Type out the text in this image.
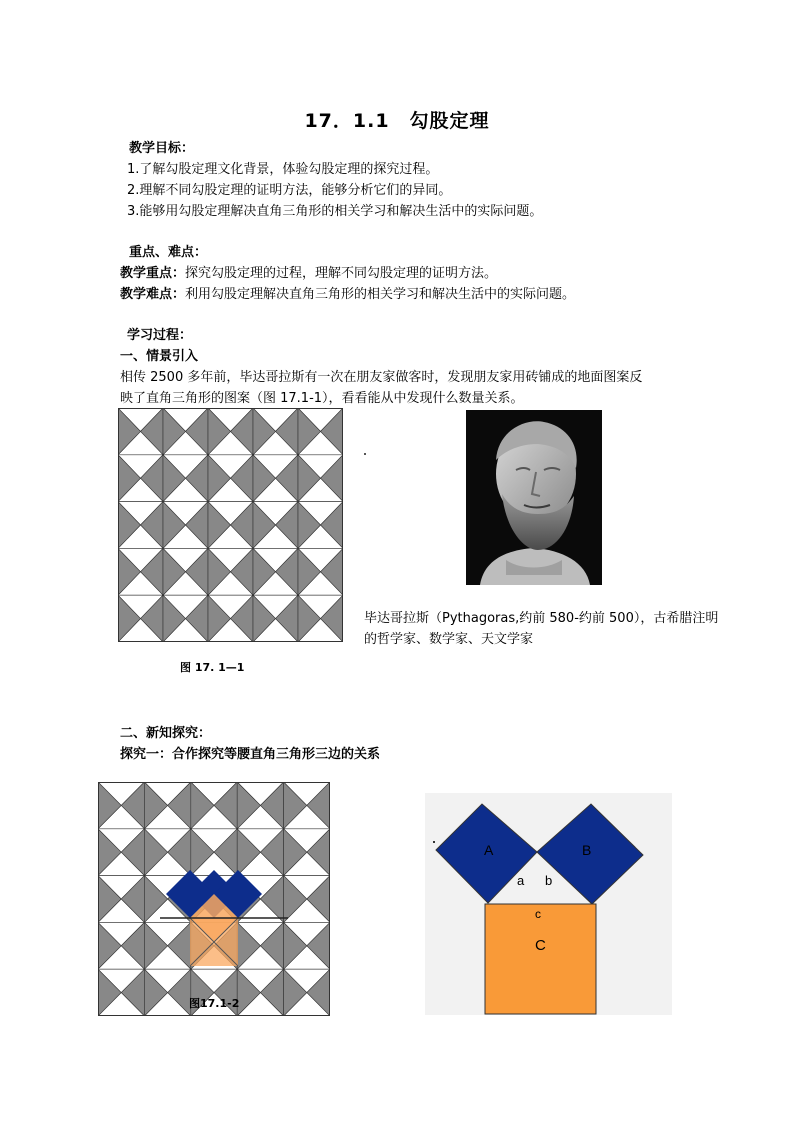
17．1.1　勾股定理
教学目标：
1.了解勾股定理文化背景，体验勾股定理的探究过程。
2.理解不同勾股定理的证明方法，能够分析它们的异同。
3.能够用勾股定理解决直角三角形的相关学习和解决生活中的实际问题。
重点、难点：
教学重点：探究勾股定理的过程，理解不同勾股定理的证明方法。
教学难点：利用勾股定理解决直角三角形的相关学习和解决生活中的实际问题。
学习过程：
一、情景引入
相传 2500 多年前，毕达哥拉斯有一次在朋友家做客时，发现朋友家用砖铺成的地面图案反
映了直角三角形的图案（图 17.1-1），看看能从中发现什么数量关系。
图 17. 1—1
毕达哥拉斯（Pythagoras,约前 580-约前 500），古希腊注明
的哲学家、数学家、天文学家
二、新知探究：
探究一：合作探究等腰直角三角形三边的关系
图17.1-2
A	B
C
a b
c
